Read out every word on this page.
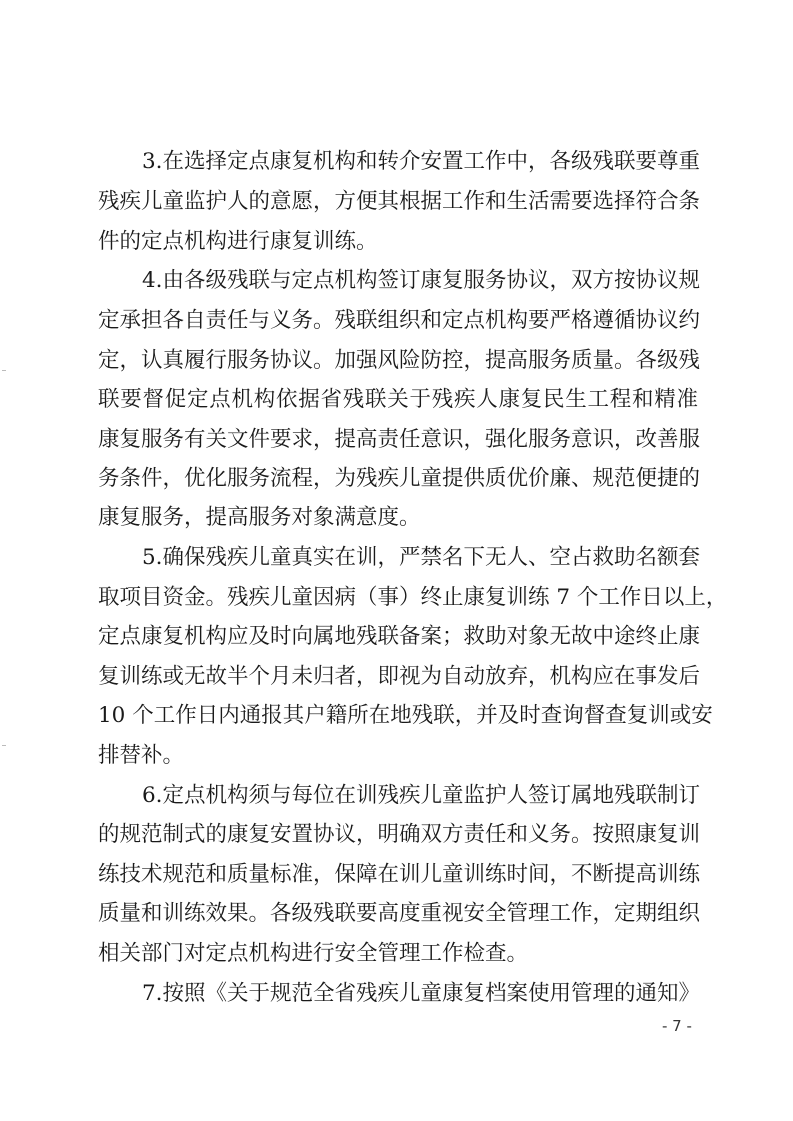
3.在选择定点康复机构和转介安置工作中，各级残联要尊重
残疾儿童监护人的意愿，方便其根据工作和生活需要选择符合条
件的定点机构进行康复训练。
4.由各级残联与定点机构签订康复服务协议，双方按协议规
定承担各自责任与义务。残联组织和定点机构要严格遵循协议约
定，认真履行服务协议。加强风险防控，提高服务质量。各级残
联要督促定点机构依据省残联关于残疾人康复民生工程和精准
康复服务有关文件要求，提高责任意识，强化服务意识，改善服
务条件，优化服务流程，为残疾儿童提供质优价廉、规范便捷的
康复服务，提高服务对象满意度。
5.确保残疾儿童真实在训，严禁名下无人、空占救助名额套
取项目资金。残疾儿童因病（事）终止康复训练 7 个工作日以上，
定点康复机构应及时向属地残联备案；救助对象无故中途终止康
复训练或无故半个月未归者，即视为自动放弃，机构应在事发后
10 个工作日内通报其户籍所在地残联，并及时查询督查复训或安
排替补。
6.定点机构须与每位在训残疾儿童监护人签订属地残联制订
的规范制式的康复安置协议，明确双方责任和义务。按照康复训
练技术规范和质量标准，保障在训儿童训练时间，不断提高训练
质量和训练效果。各级残联要高度重视安全管理工作，定期组织
相关部门对定点机构进行安全管理工作检查。
7.按照《关于规范全省残疾儿童康复档案使用管理的通知》
- 7 -
